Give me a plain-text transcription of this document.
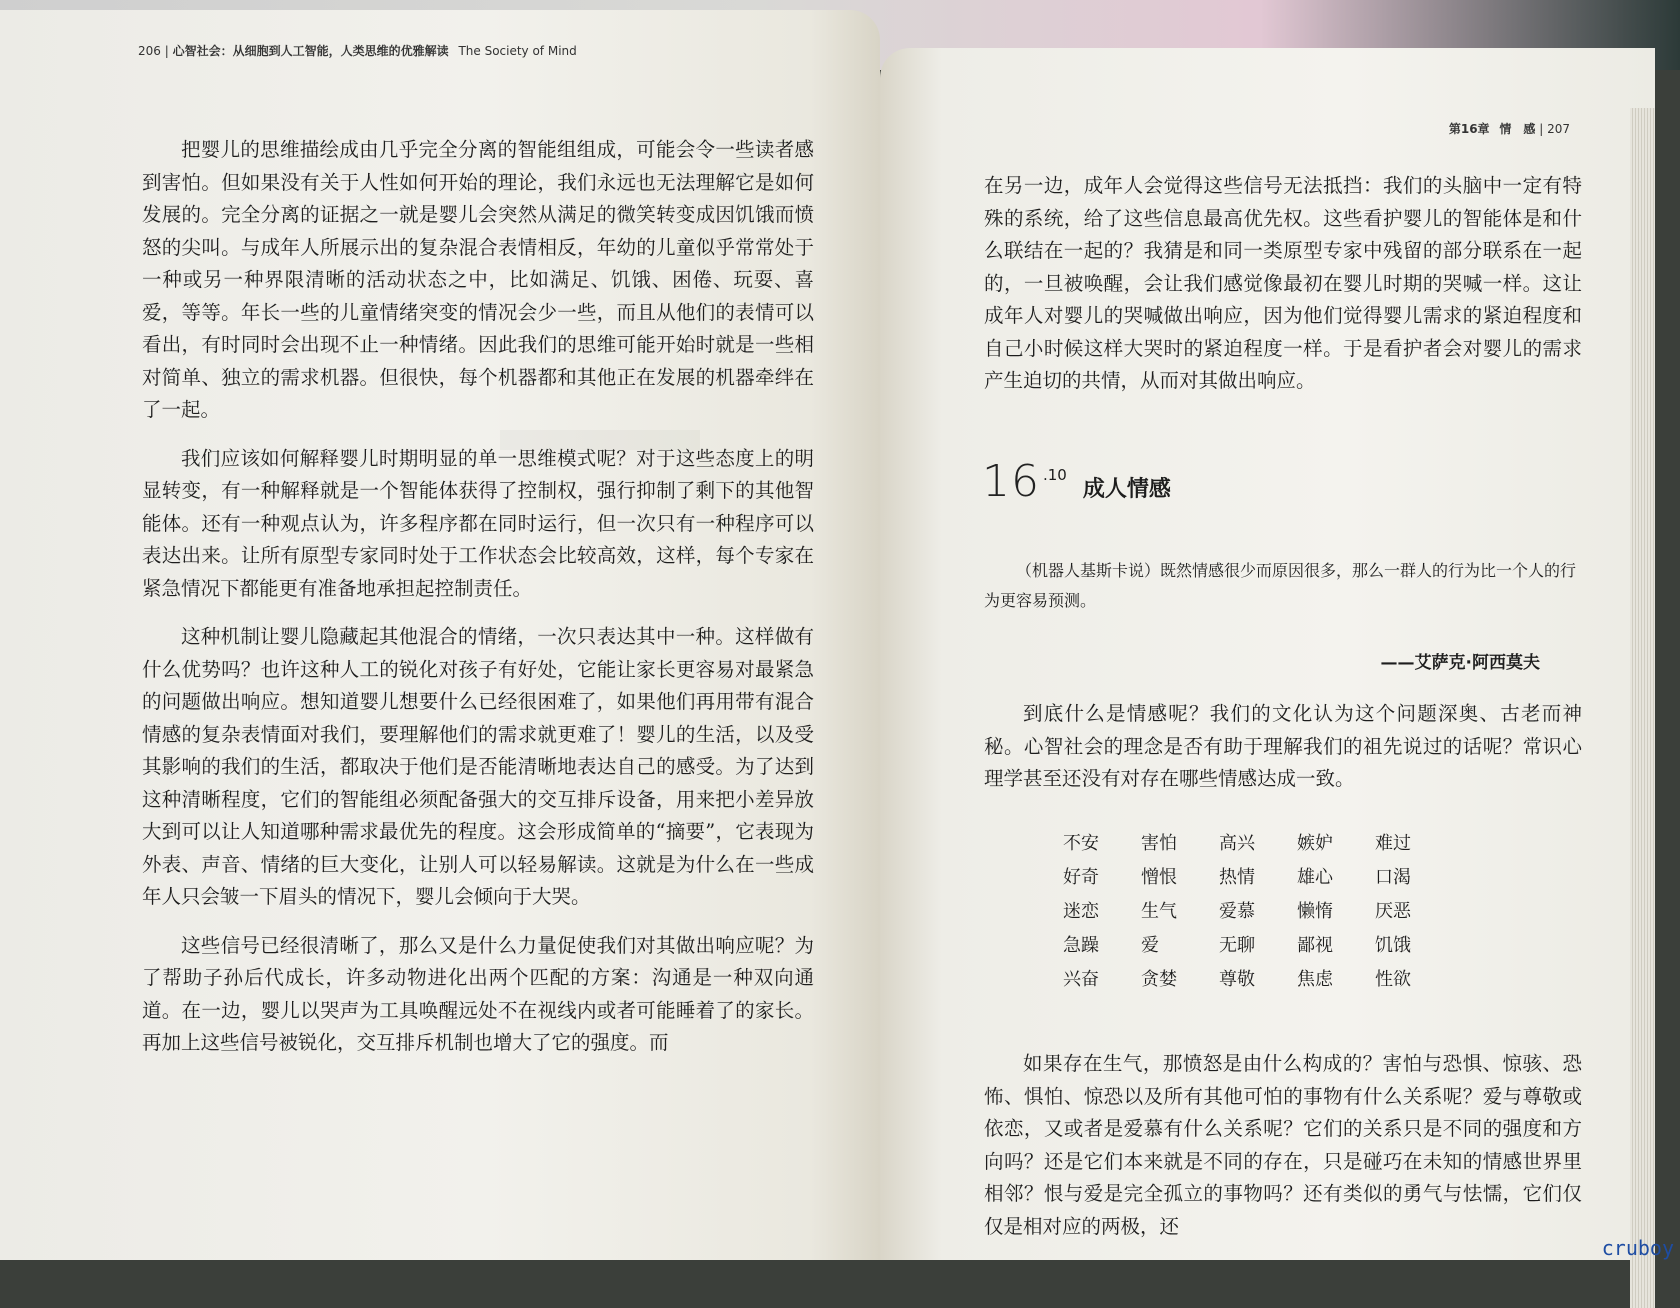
206 | 心智社会：从细胞到人工智能，人类思维的优雅解读 The Society of Mind

把婴儿的思维描绘成由几乎完全分离的智能组组成，可能会令一些读者感到害怕。但如果没有关于人性如何开始的理论，我们永远也无法理解它是如何发展的。完全分离的证据之一就是婴儿会突然从满足的微笑转变成因饥饿而愤怒的尖叫。与成年人所展示出的复杂混合表情相反，年幼的儿童似乎常常处于一种或另一种界限清晰的活动状态之中，比如满足、饥饿、困倦、玩耍、喜爱，等等。年长一些的儿童情绪突变的情况会少一些，而且从他们的表情可以看出，有时同时会出现不止一种情绪。因此我们的思维可能开始时就是一些相对简单、独立的需求机器。但很快，每个机器都和其他正在发展的机器牵绊在了一起。

我们应该如何解释婴儿时期明显的单一思维模式呢？对于这些态度上的明显转变，有一种解释就是一个智能体获得了控制权，强行抑制了剩下的其他智能体。还有一种观点认为，许多程序都在同时运行，但一次只有一种程序可以表达出来。让所有原型专家同时处于工作状态会比较高效，这样，每个专家在紧急情况下都能更有准备地承担起控制责任。

这种机制让婴儿隐藏起其他混合的情绪，一次只表达其中一种。这样做有什么优势吗？也许这种人工的锐化对孩子有好处，它能让家长更容易对最紧急的问题做出响应。想知道婴儿想要什么已经很困难了，如果他们再用带有混合情感的复杂表情面对我们，要理解他们的需求就更难了！婴儿的生活，以及受其影响的我们的生活，都取决于他们是否能清晰地表达自己的感受。为了达到这种清晰程度，它们的智能组必须配备强大的交互排斥设备，用来把小差异放大到可以让人知道哪种需求最优先的程度。这会形成简单的“摘要”，它表现为外表、声音、情绪的巨大变化，让别人可以轻易解读。这就是为什么在一些成年人只会皱一下眉头的情况下，婴儿会倾向于大哭。

这些信号已经很清晰了，那么又是什么力量促使我们对其做出响应呢？为了帮助子孙后代成长，许多动物进化出两个匹配的方案：沟通是一种双向通道。在一边，婴儿以哭声为工具唤醒远处不在视线内或者可能睡着了的家长。再加上这些信号被锐化，交互排斥机制也增大了它的强度。而

第16章 情　感 | 207

在另一边，成年人会觉得这些信号无法抵挡：我们的头脑中一定有特殊的系统，给了这些信息最高优先权。这些看护婴儿的智能体是和什么联结在一起的？我猜是和同一类原型专家中残留的部分联系在一起的，一旦被唤醒，会让我们感觉像最初在婴儿时期的哭喊一样。这让成年人对婴儿的哭喊做出响应，因为他们觉得婴儿需求的紧迫程度和自己小时候这样大哭时的紧迫程度一样。于是看护者会对婴儿的需求产生迫切的共情，从而对其做出响应。

16 .10
成人情感
（机器人基斯卡说）既然情感很少而原因很多，那么一群人的行为比一个人的行为更容易预测。
——艾萨克·阿西莫夫

到底什么是情感呢？我们的文化认为这个问题深奥、古老而神秘。心智社会的理念是否有助于理解我们的祖先说过的话呢？常识心理学甚至还没有对存在哪些情感达成一致。

不安	害怕	高兴	嫉妒	难过
好奇	憎恨	热情	雄心	口渴
迷恋	生气	爱慕	懒惰	厌恶
急躁	爱	无聊	鄙视	饥饿
兴奋	贪婪	尊敬	焦虑	性欲

如果存在生气，那愤怒是由什么构成的？害怕与恐惧、惊骇、恐怖、惧怕、惊恐以及所有其他可怕的事物有什么关系呢？爱与尊敬或依恋，又或者是爱慕有什么关系呢？它们的关系只是不同的强度和方向吗？还是它们本来就是不同的存在，只是碰巧在未知的情感世界里相邻？恨与爱是完全孤立的事物吗？还有类似的勇气与怯懦，它们仅仅是相对应的两极，还

cruboy
